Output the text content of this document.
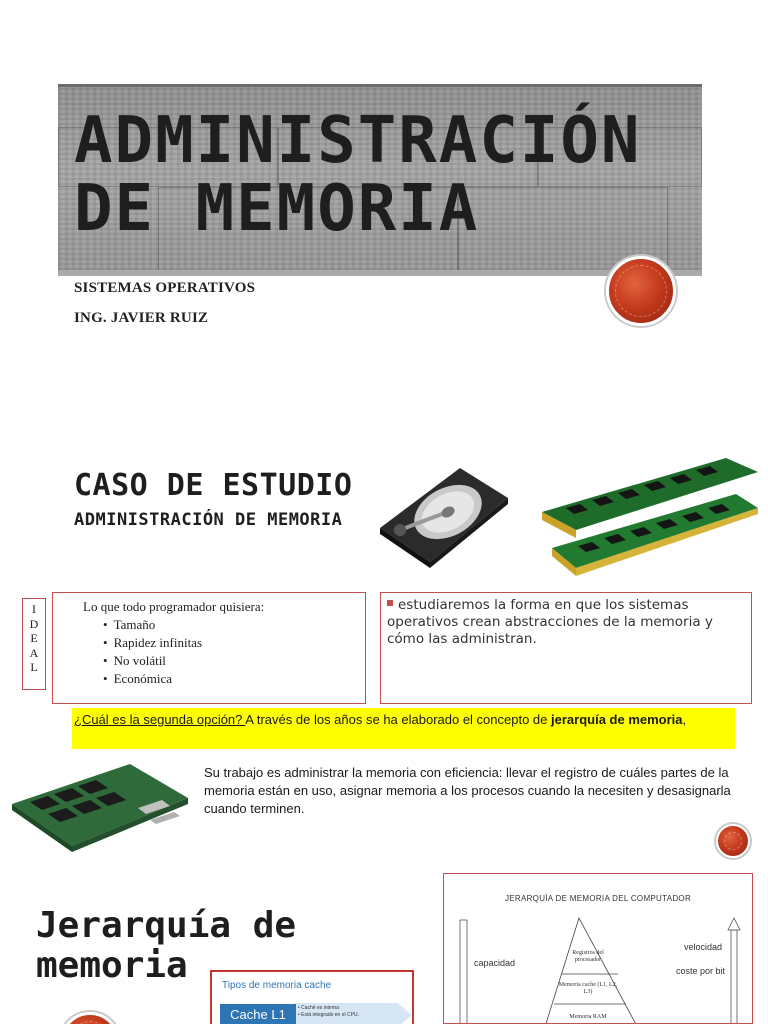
ADMINISTRACIÓN DE MEMORIA
SISTEMAS OPERATIVOS
ING. JAVIER RUIZ
CASO DE ESTUDIO
ADMINISTRACIÓN DE MEMORIA
I
D
E
A
L
Lo que todo programador quisiera:
• Tamaño
• Rapidez infinitas
• No volátil
• Económica
estudiaremos la forma en que los sistemas operativos crean abstracciones de la memoria y cómo las administran.
¿Cuál es la segunda opción? A través de los años se ha elaborado el concepto de jerarquía de memoria,
Su trabajo es administrar la memoria con eficiencia: llevar el registro de cuáles partes de la memoria están en uso, asignar memoria a los procesos cuando la necesiten y desasignarla cuando terminen.
Jerarquía de
memoria	Tipos de memoria cache
Cache L1	• Caché es interna
• Está integrado en el CPU.
JERARQUÍA DE MEMORIA DEL COMPUTADOR
capacidad
velocidad
coste por bit
Registros del procesador
Memoria cache (L1, L2, L3)
Memoria RAM
